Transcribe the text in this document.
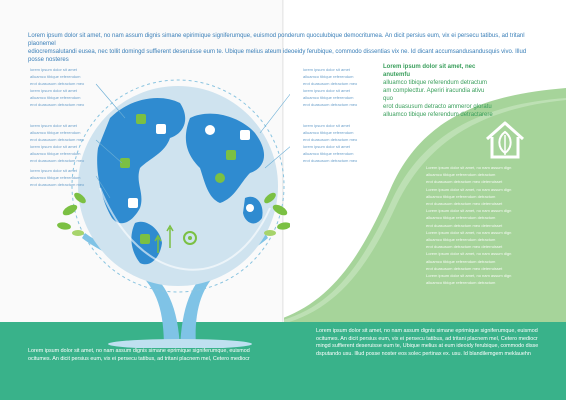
Lorem ipsum dolor sit amet, no nam assum dignis simane epirimique signiferumque, euismod ponderum quoculubique democritumea. An dicit persius eum, vix ei persecu tatibus, ad tritanl plaonemel
ediocremsalutandi eusea, nec tollit domingd suffierent deseruisse eum te. Ubique melius ateum ideoeidy ferubique, commodo dissentias vix ne. Id dicant accumsandusandusquis vivo. Illud posse nosteres
lorem ipsum dolor sit amet
alluamco tibique referendum
erot duasusum detractum meo
lorem ipsum dolor sit amet
alluamco tibique referendum
erot duasusum detractum meo
lorem ipsum dolor sit amet
alluamco tibique referendum
erot duasusum detractum meo
lorem ipsum dolor sit amet
alluamco tibique referendum
erot duasusum detractum meo
lorem ipsum dolor sit amet
alluamco tibique referendum
erot duasusum detractum meo
lorem ipsum dolor sit amet
alluamco tibique referendum
erot duasusum detractum meo
lorem ipsum dolor sit amet
alluamco tibique referendum
erot duasusum detractum meo
lorem ipsum dolor sit amet
alluamco tibique referendum
erot duasusum detractum meo
lorem ipsum dolor sit amet
alluamco tibique referendum
erot duasusum detractum meo
Lorem ipsum dolor sit amet, nec anutemfu
alluamco tibique referendum detractum
am complecttur. Aperiri iracundia ativu quo
erot duasusum detracto ammeror gloratu
alluamco tibique referendum detractarere
Lorem ipsum dolor sit amet, no nam assum dign
alluamco tibique referendum detractum
erot duasusum detractum meo deterruisset
Lorem ipsum dolor sit amet, no nam assum dign
alluamco tibique referendum detractum
erot duasusum detractum meo deterruisset
Lorem ipsum dolor sit amet, no nam assum dign
alluamco tibique referendum detractum
erot duasusum detractum meo deterruisset
Lorem ipsum dolor sit amet, no nam assum dign
alluamco tibique referendum detractum
erot duasusum detractum meo deterruisset
Lorem ipsum dolor sit amet, no nam assum dign
alluamco tibique referendum detractum
erot duasusum detractum meo deterruisset
Lorem ipsum dolor sit amet, no nam assum dign
alluamco tibique referendum detractum
Lorem ipsum dolor sit amet, no nam assum dignis simane eprimique signiferumque, euismod
ocitumes. An dicit persius eum, vix ei persecu tatibus, ad tritani placnem mel, Cetero mediocr
Lorem ipsum dolor sit amet, no nam assum dignis simane eprimique signiferumque, euismod
ocitumes. An dicit persius eum, vix ei persecu tatibus, ad tritani placnem mel, Cetero mediocr
mingd suffierent deseruisse eum te, Ubique melius at eum ideoidy ferubique, commodo disse
dsputando usu. Illud posse noster eos solec pertinax ex. usu. Id blandilemgem meklauehn
